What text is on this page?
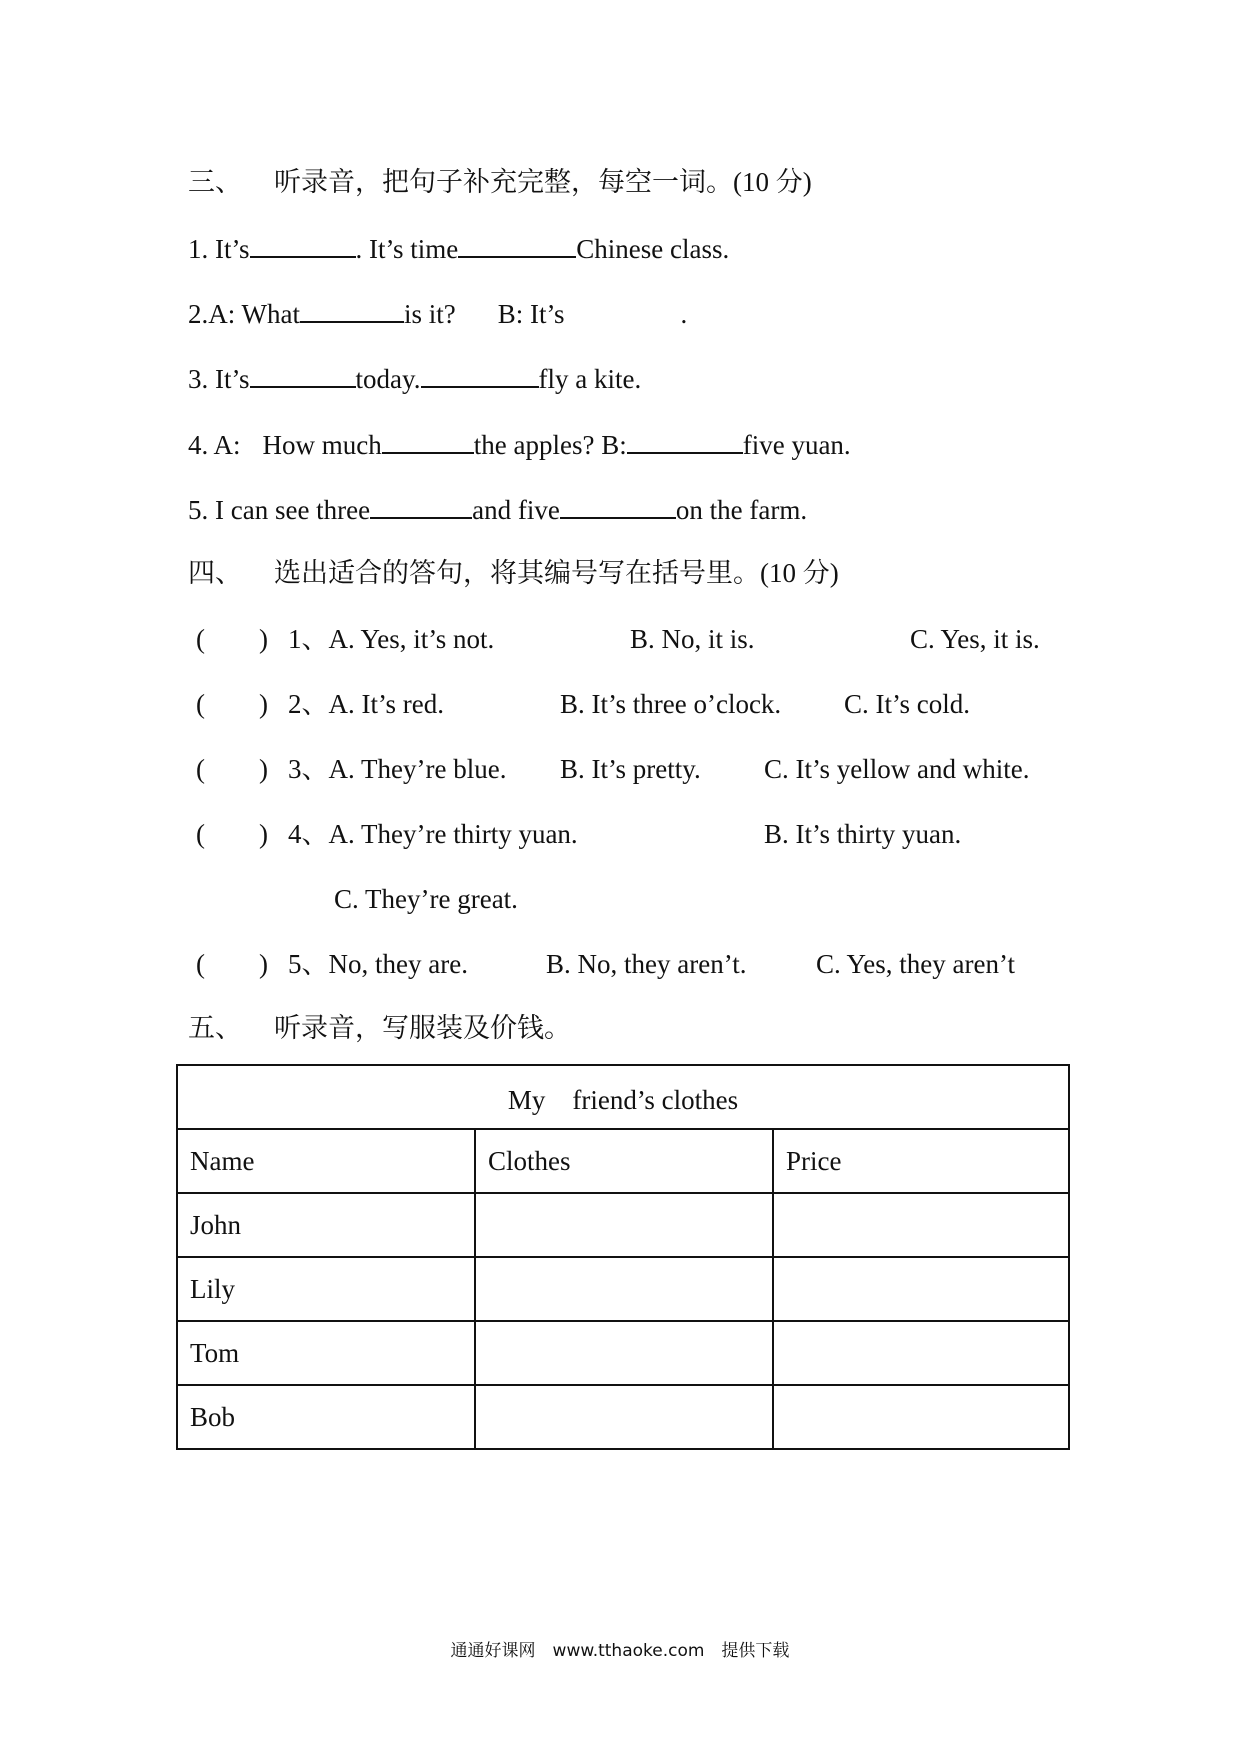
三、 听录音，把句子补充完整，每空一词。(10 分)
1. It’s	. It’s time	Chinese class.
2.A: What	is it? B: It’s	.
3. It’s	today.	fly a kite.
4. A: How much	the apples? B:	five yuan.
5. I can see three	and five	on the farm.
四、 选出适合的答句，将其编号写在括号里。(10 分)
(　　) 1、A. Yes, it’s not.	B. No, it is.	C. Yes, it is.
(　　) 2、A. It’s red.	B. It’s three o’clock. C. It’s cold.
(　　) 3、A. They’re blue. B. It’s pretty. C. It’s yellow and white.
(　　) 4、A. They’re thirty yuan.	B. It’s thirty yuan.
C. They’re great.
(　　) 5、No, they are.	B. No, they aren’t.	C. Yes, they aren’t
五、 听录音，写服装及价钱。
My　friend’s clothes		
Name	Clothes	Price
John		
Lily		
Tom		
Bob		
通通好课网　www.tthaoke.com　提供下载
